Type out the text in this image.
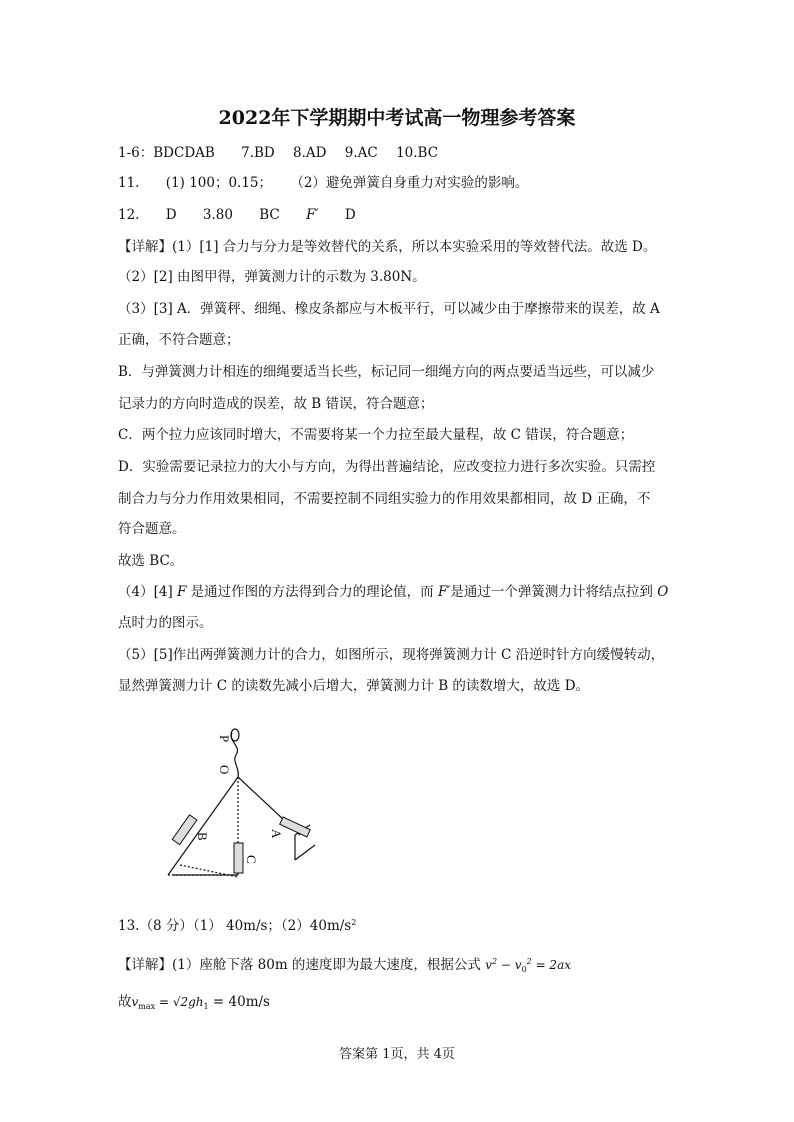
2022年下学期期中考试高一物理参考答案
1-6：BDCDAB 7.BD 8.AD 9.AC 10.BC
11. (1) 100；0.15； （2）避免弹簧自身重力对实验的影响。
12. D 3.80 BC F′ D
【详解】(1）[1] 合力与分力是等效替代的关系，所以本实验采用的等效替代法。故选 D。
（2）[2] 由图甲得，弹簧测力计的示数为 3.80N。
（3）[3] A．弹簧秤、细绳、橡皮条都应与木板平行，可以减少由于摩擦带来的误差，故 A
正确，不符合题意；
B．与弹簧测力计相连的细绳要适当长些，标记同一细绳方向的两点要适当远些，可以减少
记录力的方向时造成的误差，故 B 错误，符合题意；
C．两个拉力应该同时增大，不需要将某一个力拉至最大量程，故 C 错误，符合题意；
D．实验需要记录拉力的大小与方向，为得出普遍结论，应改变拉力进行多次实验。只需控
制合力与分力作用效果相同，不需要控制不同组实验力的作用效果都相同，故 D 正确，不
符合题意。
故选 BC。
（4）[4] F 是通过作图的方法得到合力的理论值，而 F′是通过一个弹簧测力计将结点拉到 O
点时力的图示。
（5）[5]作出两弹簧测力计的合力，如图所示，现将弹簧测力计 C 沿逆时针方向缓慢转动，
显然弹簧测力计 C 的读数先减小后增大，弹簧测力计 B 的读数增大，故选 D。
P
O
A
B
C
13.（8 分）（1） 40m/s；$(2)40m/s^2$
【详解】(1）座舱下落 80m 的速度即为最大速度，根据公式 $v^2 - v_0^2 = 2ax$
故$v_{max} = √2gh_1 = 40m/s$
答案第 1页，共 4页
